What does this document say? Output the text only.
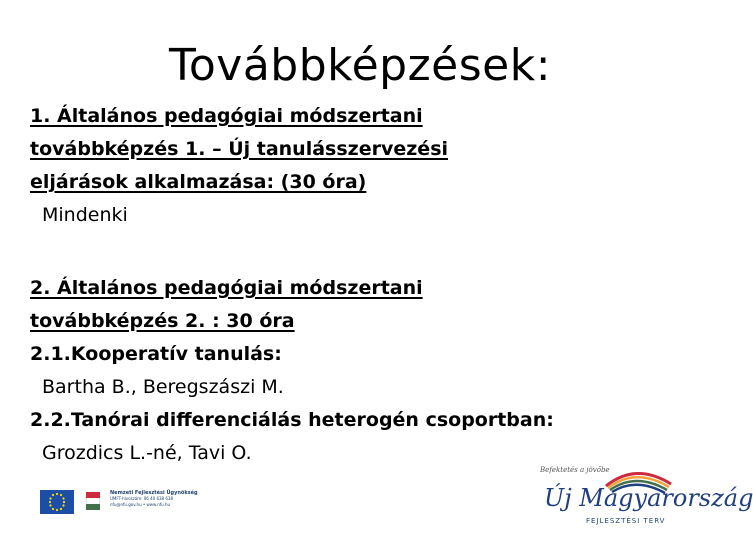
Továbbképzések:
1. Általános pedagógiai módszertani
továbbképzés 1. – Új tanulásszervezési
eljárások alkalmazása: (30 óra)
Mindenki
2. Általános pedagógiai módszertani
továbbképzés 2. : 30 óra
2.1.Kooperatív tanulás:
Bartha B., Beregszászi M.
2.2.Tanórai differenciálás heterogén csoportban:
Grozdics L.-né, Tavi O.
Nemzeti Fejlesztési Ügynökség
UMFT-hívoszám: 06 40 638 638
nfu@nfu.gov.hu • www.nfu.hu
Befektetés a jövőbe
Új Magyarország
FEJLESZTÉSI TERV
